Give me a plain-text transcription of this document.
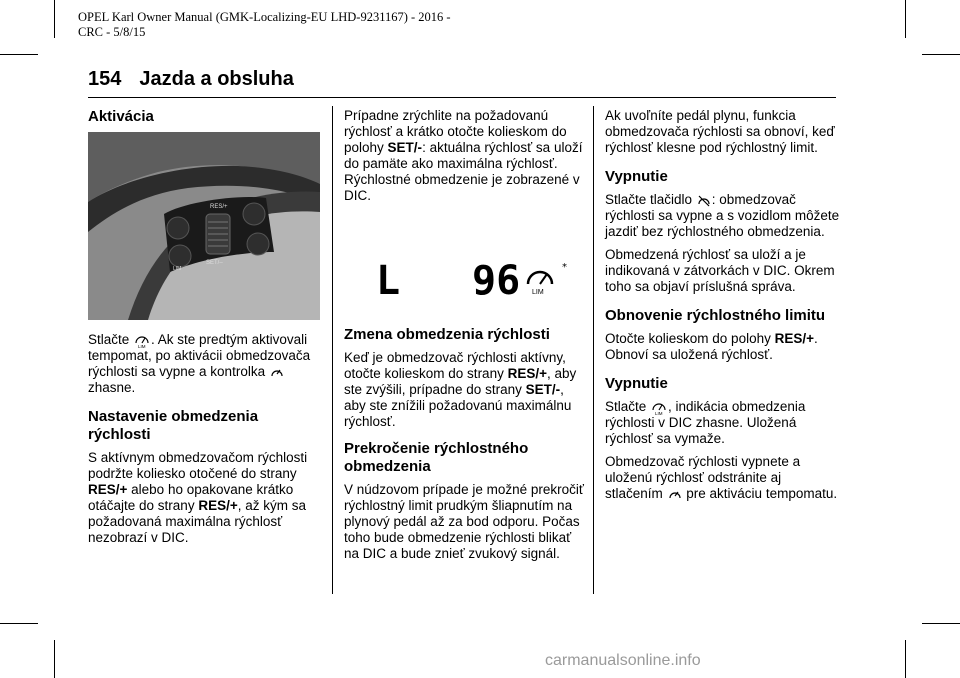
OPEL Karl Owner Manual (GMK-Localizing-EU LHD-9231167) - 2016 -
CRC - 5/8/15
154 Jazda a obsluha
Aktivácia
RES/+
SET/–
LIM

Stlačte LIM . Ak ste predtým aktivovali tempomat, po aktivácii obmedzovača rýchlosti sa vypne a kontrolka  zhasne.

Nastavenie obmedzenia rýchlosti

S aktívnym obmedzovačom rýchlosti podržte koliesko otočené do strany RES/+ alebo ho opakovane krátko otáčajte do strany RES/+, až kým sa požadovaná maximálna rýchlosť nezobrazí v DIC.

Prípadne zrýchlite na požadovanú rýchlosť a krátko otočte kolieskom do polohy SET/-: aktuálna rýchlosť sa uloží do pamäte ako maximálna rýchlosť. Rýchlostné obmedzenie je zobrazené v DIC.

L 96	*
LIM
Zmena obmedzenia rýchlosti

Keď je obmedzovač rýchlosti aktívny, otočte kolieskom do strany RES/+, aby ste zvýšili, prípadne do strany SET/-, aby ste znížili požadovanú maximálnu rýchlosť.

Prekročenie rýchlostného obmedzenia

V núdzovom prípade je možné prekročiť rýchlostný limit prudkým šliapnutím na plynový pedál až za bod odporu. Počas toho bude obmedzenie rýchlosti blikať na DIC a bude znieť zvukový signál.

Ak uvoľníte pedál plynu, funkcia obmedzovača rýchlosti sa obnoví, keď rýchlosť klesne pod rýchlostný limit.

Vypnutie

Stlačte tlačidlo : obmedzovač rýchlosti sa vypne a s vozidlom môžete jazdiť bez rýchlostného obmedzenia.

Obmedzená rýchlosť sa uloží a je indikovaná v zátvorkách v DIC. Okrem toho sa objaví príslušná správa.

Obnovenie rýchlostného limitu

Otočte kolieskom do polohy RES/+. Obnoví sa uložená rýchlosť.

Vypnutie

Stlačte LIM , indikácia obmedzenia rýchlosti v DIC zhasne. Uložená rýchlosť sa vymaže.

Obmedzovač rýchlosti vypnete a uloženú rýchlosť odstránite aj stlačením  pre aktiváciu tempomatu.

carmanualsonline.info
